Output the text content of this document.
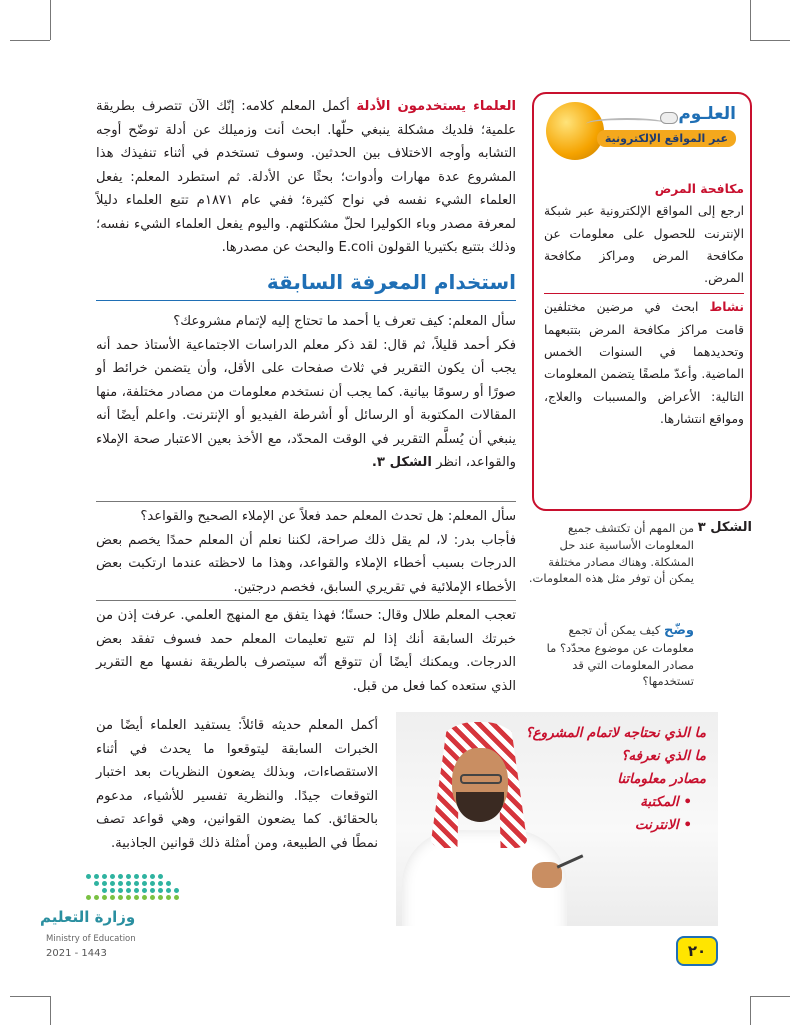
العلماء يستخدمون الأدلة أكمل المعلم كلامه: إنّك الآن تتصرف بطريقة علمية؛ فلديك مشكلة ينبغي حلّها. ابحث أنت وزميلك عن أدلة توضّح أوجه التشابه وأوجه الاختلاف بين الحدثين. وسوف تستخدم في أثناء تنفيذك هذا المشروع عدة مهارات وأدوات؛ بحثًا عن الأدلة. ثم استطرد المعلم: يفعل العلماء الشيء نفسه في نواح كثيرة؛ ففي عام ١٨٧١م تتبع العلماء دليلاً لمعرفة مصدر وباء الكوليرا لحلّ مشكلتهم. واليوم يفعل العلماء الشيء نفسه؛ وذلك بتتبع بكتيريا القولون E.coli والبحث عن مصدرها.
استخدام المعرفة السابقة

سأل المعلم: كيف تعرف يا أحمد ما تحتاج إليه لإتمام مشروعك؟

فكر أحمد قليلاً، ثم قال: لقد ذكر معلم الدراسات الاجتماعية الأستاذ حمد أنه يجب أن يكون التقرير في ثلاث صفحات على الأقل، وأن يتضمن خرائط أو صورًا أو رسومًا بيانية. كما يجب أن نستخدم معلومات من مصادر مختلفة، منها المقالات المكتوبة أو الرسائل أو أشرطة الفيديو أو الإنترنت. واعلم أيضًا أنه ينبغي أن يُسلَّم التقرير في الوقت المحدّد، مع الأخذ بعين الاعتبار صحة الإملاء والقواعد، انظر الشكل ٣.

سأل المعلم: هل تحدث المعلم حمد فعلاً عن الإملاء الصحيح والقواعد؟

فأجاب بدر: لا، لم يقل ذلك صراحة، لكننا نعلم أن المعلم حمدًا يخصم بعض الدرجات بسبب أخطاء الإملاء والقواعد، وهذا ما لاحظته عندما ارتكبت بعض الأخطاء الإملائية في تقريري السابق، فخصم درجتين.

تعجب المعلم طلال وقال: حسنًا؛ فهذا يتفق مع المنهج العلمي. عرفت إذن من خبرتك السابقة أنك إذا لم تتبع تعليمات المعلم حمد فسوف تفقد بعض الدرجات. ويمكنك أيضًا أن تتوقع أنّه سيتصرف بالطريقة نفسها مع التقرير الذي ستعده كما فعل من قبل.

أكمل المعلم حديثه قائلاً: يستفيد العلماء أيضًا من الخبرات السابقة ليتوقعوا ما يحدث في أثناء الاستقصاءات، وبذلك يضعون النظريات بعد اختبار التوقعات جيدًا. والنظرية تفسير للأشياء، مدعوم بالحقائق. كما يضعون القوانين، وهي قواعد تصف نمطًا في الطبيعة، ومن أمثلة ذلك قوانين الجاذبية.

العلـوم
عبر المواقع الإلكترونية
مكافحة المرض
ارجع إلى المواقع الإلكترونية عبر شبكة الإنترنت للحصول على معلومات عن مكافحة المرض ومراكز مكافحة المرض.
نشاط ابحث في مرضين مختلفين قامت مراكز مكافحة المرض بتتبعهما وتحديدهما في السنوات الخمس الماضية. وأعدّ ملصقًا يتضمن المعلومات التالية: الأعراض والمسببات والعلاج، ومواقع انتشارها.
الشكل ٣
من المهم أن تكتشف جميع المعلومات الأساسية عند حل المشكلة. وهناك مصادر مختلفة يمكن أن توفر مثل هذه المعلومات.
وضّح كيف يمكن أن تجمع معلومات عن موضوع محدّد؟ ما مصادر المعلومات التي قد تستخدمها؟
ما الذي نحتاجه لاتمام المشروع؟
ما الذي نعرفه؟
مصادر معلوماتنا
• المكتبة
• الانترنت
٢٠
وزارة التعليم
Ministry of Education
2021 - 1443
